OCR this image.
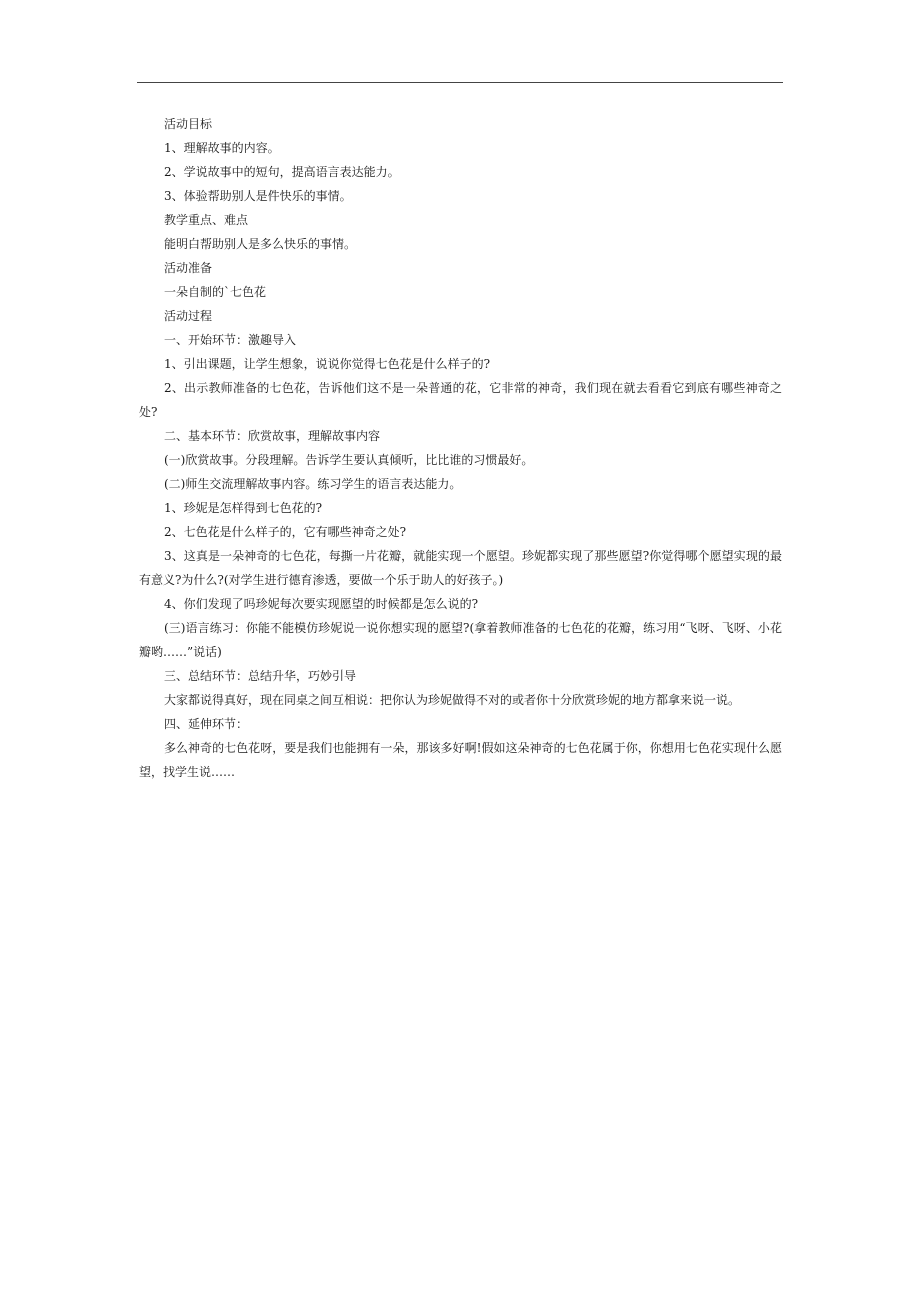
活动目标

1、理解故事的内容。

2、学说故事中的短句，提高语言表达能力。

3、体验帮助别人是件快乐的事情。

教学重点、难点

能明白帮助别人是多么快乐的事情。

活动准备

一朵自制的`七色花

活动过程

一、开始环节：激趣导入

1、引出课题，让学生想象，说说你觉得七色花是什么样子的?

2、出示教师准备的七色花，告诉他们这不是一朵普通的花，它非常的神奇，我们现在就去看看它到底有哪些神奇之处?

二、基本环节：欣赏故事，理解故事内容

(一)欣赏故事。分段理解。告诉学生要认真倾听，比比谁的习惯最好。

(二)师生交流理解故事内容。练习学生的语言表达能力。

1、珍妮是怎样得到七色花的?

2、七色花是什么样子的，它有哪些神奇之处?

3、这真是一朵神奇的七色花，每撕一片花瓣，就能实现一个愿望。珍妮都实现了那些愿望?你觉得哪个愿望实现的最有意义?为什么?(对学生进行德育渗透，要做一个乐于助人的好孩子。)

4、你们发现了吗珍妮每次要实现愿望的时候都是怎么说的?

(三)语言练习：你能不能模仿珍妮说一说你想实现的愿望?(拿着教师准备的七色花的花瓣，练习用“飞呀、飞呀、小花瓣哟……”说话)

三、总结环节：总结升华，巧妙引导

大家都说得真好，现在同桌之间互相说：把你认为珍妮做得不对的或者你十分欣赏珍妮的地方都拿来说一说。

四、延伸环节：

多么神奇的七色花呀，要是我们也能拥有一朵，那该多好啊!假如这朵神奇的七色花属于你，你想用七色花实现什么愿望，找学生说……
